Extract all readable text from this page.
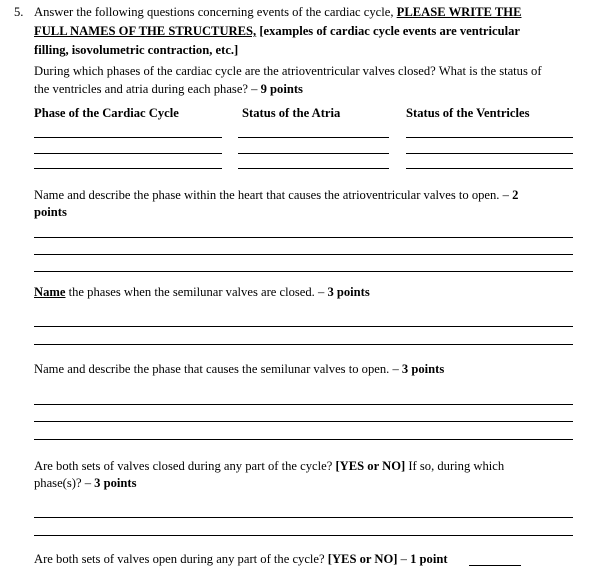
5. Answer the following questions concerning events of the cardiac cycle, PLEASE WRITE THE
FULL NAMES OF THE STRUCTURES, [examples of cardiac cycle events are ventricular
filling, isovolumetric contraction, etc.]
During which phases of the cardiac cycle are the atrioventricular valves closed? What is the status of
the ventricles and atria during each phase? – 9 points
Phase of the Cardiac Cycle	Status of the Atria	Status of the Ventricles
Name and describe the phase within the heart that causes the atrioventricular valves to open. – 2
points
Name the phases when the semilunar valves are closed. – 3 points
Name and describe the phase that causes the semilunar valves to open. – 3 points
Are both sets of valves closed during any part of the cycle? [YES or NO] If so, during which
phase(s)? – 3 points
Are both sets of valves open during any part of the cycle? [YES or NO] – 1 point
